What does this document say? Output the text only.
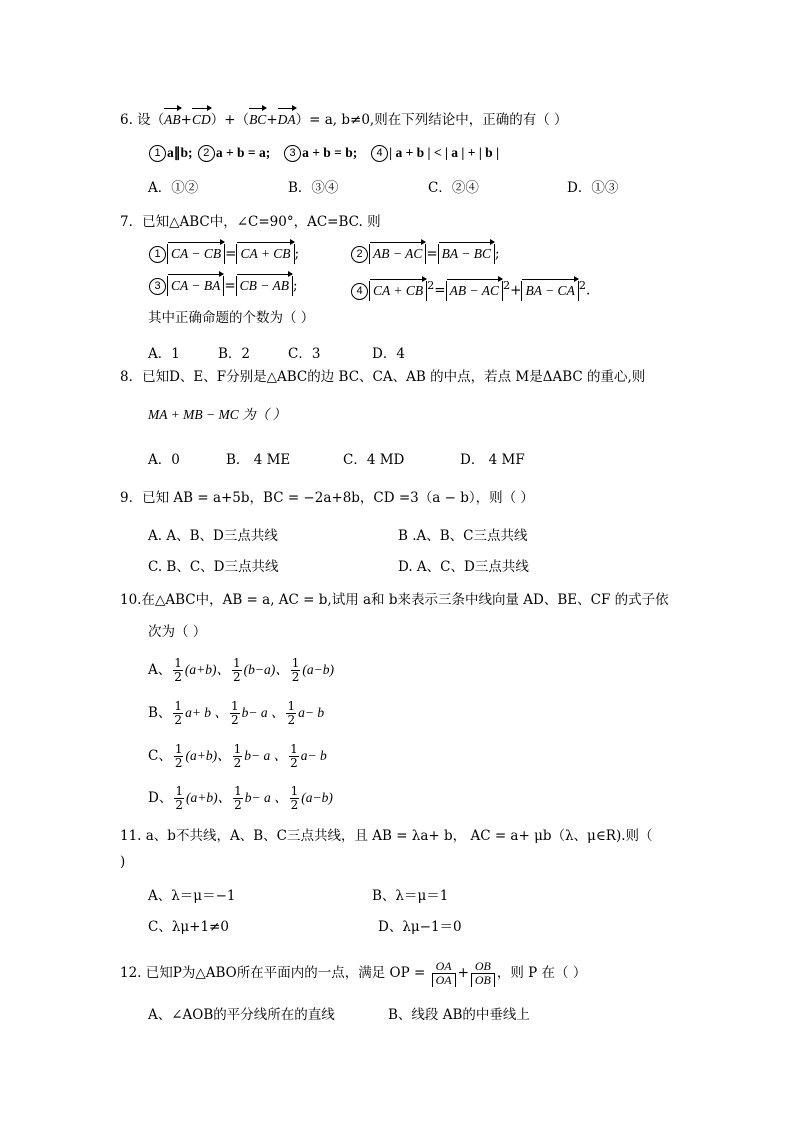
6. 设（AB+CD）+（BC+DA）= a, b≠0,则在下列结论中，正确的有（ ）
1 a∥b; 2 a + b = a; 3 a + b = b; 4 | a + b | < | a | + | b |
A．①②	B．③④	C．②④	D．①③
7．已知△ABC中，∠C=90°，AC=BC. 则
1 CA − CB = CA + CB ;	2 AB − AC = BA − BC ;
3 CA − BA = CB − AB ;	4 CA + CB $^2$= AB − AC $^2$+ BA − CA $^2$.
其中正确命题的个数为（ ）
A．1	B．2	C．3	D．4
8．已知D、E、F分别是△ABC的边 BC、CA、AB 的中点，若点 M是ΔABC 的重心,则
MA + MB − MC 为（ ）
A．0	B． 4 ME	C．4 MD	D． 4 MF
9．已知 AB = a+5b，BC = −2a+8b，CD =3（a − b），则（ ）
A. A、B、D三点共线	B .A、B、C三点共线
C. B、C、D三点共线	D. A、C、D三点共线
10.在△ABC中，AB = a, AC = b,试用 a和 b来表示三条中线向量 AD、BE、CF 的式子依
次为（ ）
A、 $\frac{1}{2} (a+b)$、 $\frac{1}{2} (b-a)$、 $\frac{1}{2} (a-b)$
B、 $\frac{1}{2} a+ b$ 、 $\frac{1}{2} b- a$ 、 $\frac{1}{2} a- b$
C、 $\frac{1}{2} (a+b)$、 $\frac{1}{2} b- a$ 、 $\frac{1}{2} a- b$
D、 $\frac{1}{2} (a+b)$、 $\frac{1}{2} b- a$ 、 $\frac{1}{2} (a-b)$
11. a、b不共线，A、B、C三点共线，且 AB = λa+ b， AC = a+ μb（λ、μ∈R).则（
)
A、λ＝μ＝−1	B、λ＝μ＝1
C、λμ+1≠0	D、λμ−1＝0
12. 已知P为△ABO所在平面内的一点，满足 OP = $\frac{OA}{OA} + \frac{OB}{OB}$ ，则 P 在（ ）
A、∠AOB的平分线所在的直线	B、线段 AB的中垂线上
